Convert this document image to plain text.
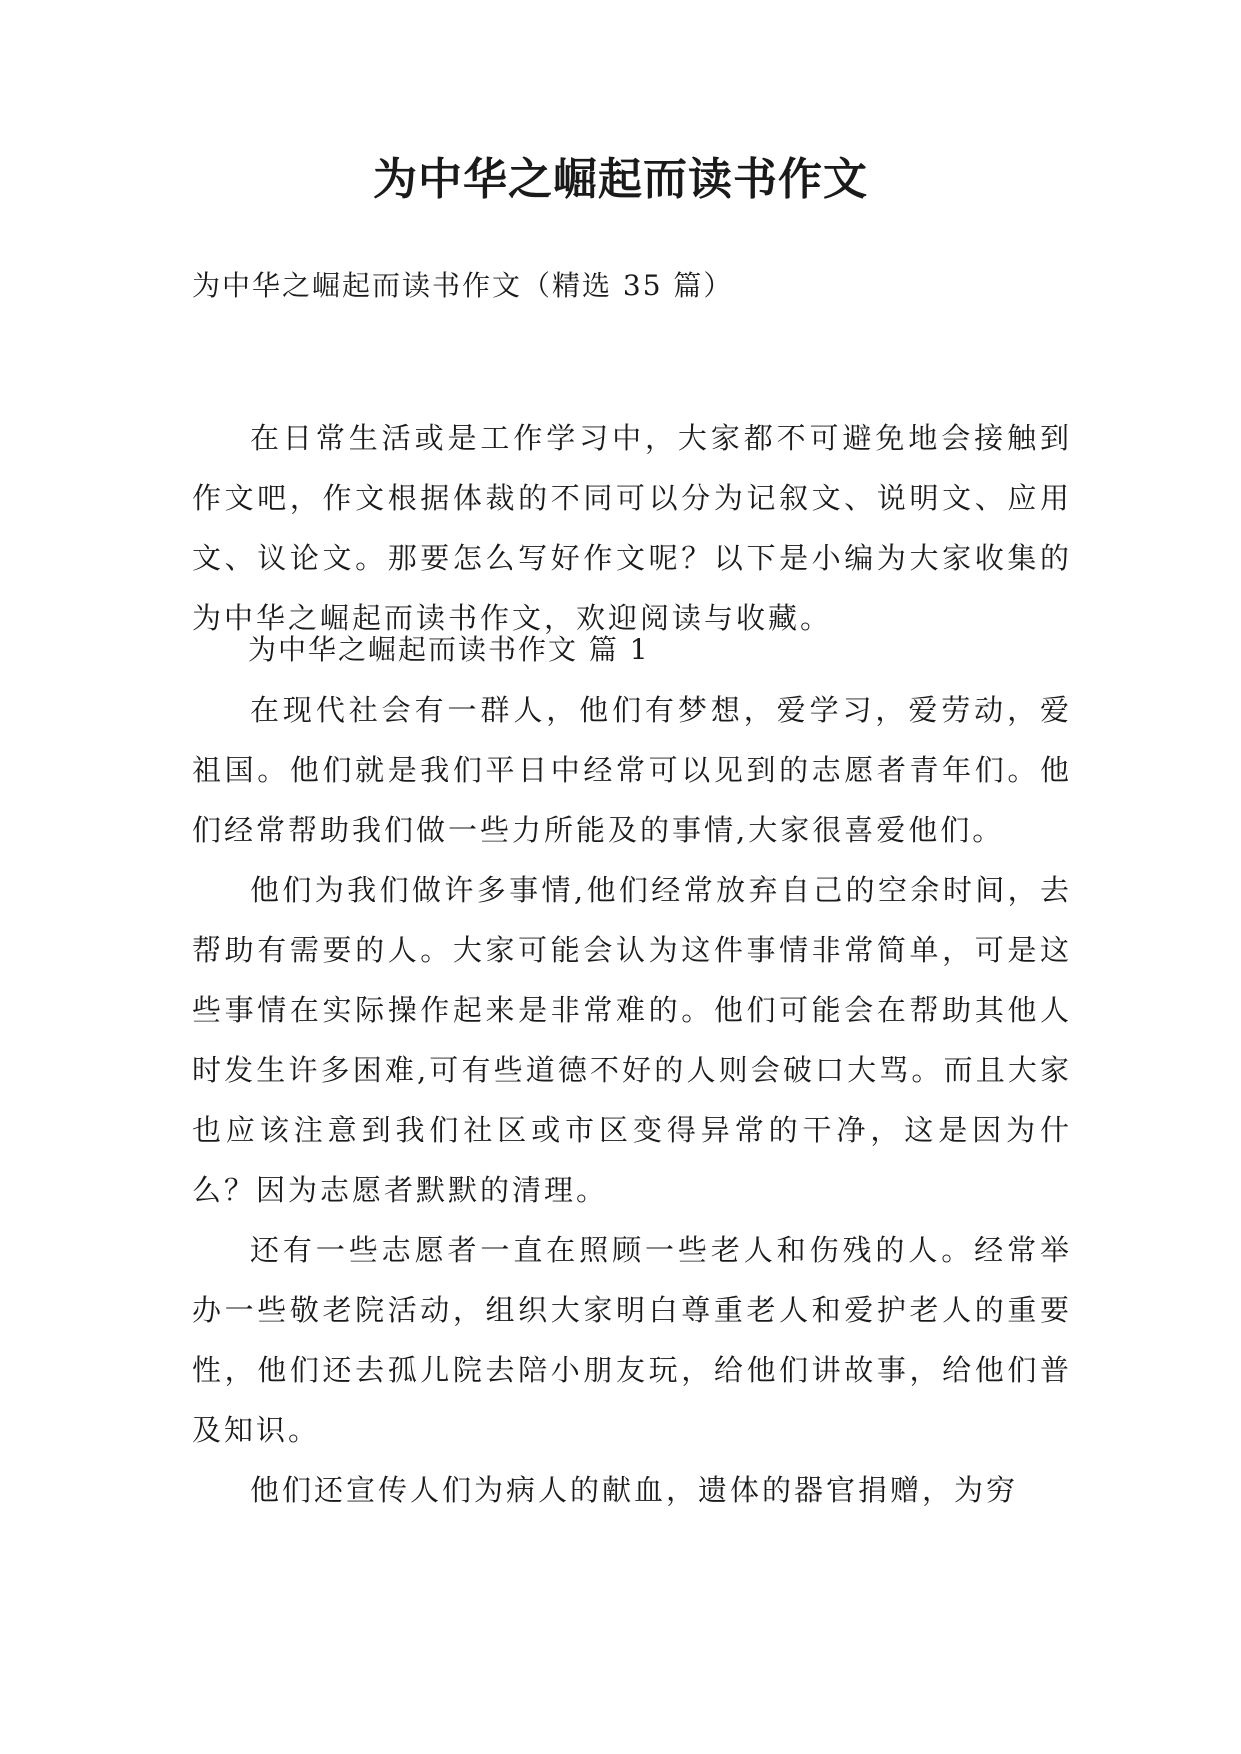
为中华之崛起而读书作文

为中华之崛起而读书作文（精选 35 篇）

在日常生活或是工作学习中，大家都不可避免地会接触到作文吧，作文根据体裁的不同可以分为记叙文、说明文、应用文、议论文。那要怎么写好作文呢？以下是小编为大家收集的为中华之崛起而读书作文，欢迎阅读与收藏。

为中华之崛起而读书作文 篇 1

在现代社会有一群人，他们有梦想，爱学习，爱劳动，爱祖国。他们就是我们平日中经常可以见到的志愿者青年们。他们经常帮助我们做一些力所能及的事情,大家很喜爱他们。

他们为我们做许多事情,他们经常放弃自己的空余时间，去帮助有需要的人。大家可能会认为这件事情非常简单，可是这些事情在实际操作起来是非常难的。他们可能会在帮助其他人时发生许多困难,可有些道德不好的人则会破口大骂。而且大家也应该注意到我们社区或市区变得异常的干净，这是因为什么？因为志愿者默默的清理。

还有一些志愿者一直在照顾一些老人和伤残的人。经常举办一些敬老院活动，组织大家明白尊重老人和爱护老人的重要性，他们还去孤儿院去陪小朋友玩，给他们讲故事，给他们普及知识。

他们还宣传人们为病人的献血，遗体的器官捐赠，为穷
